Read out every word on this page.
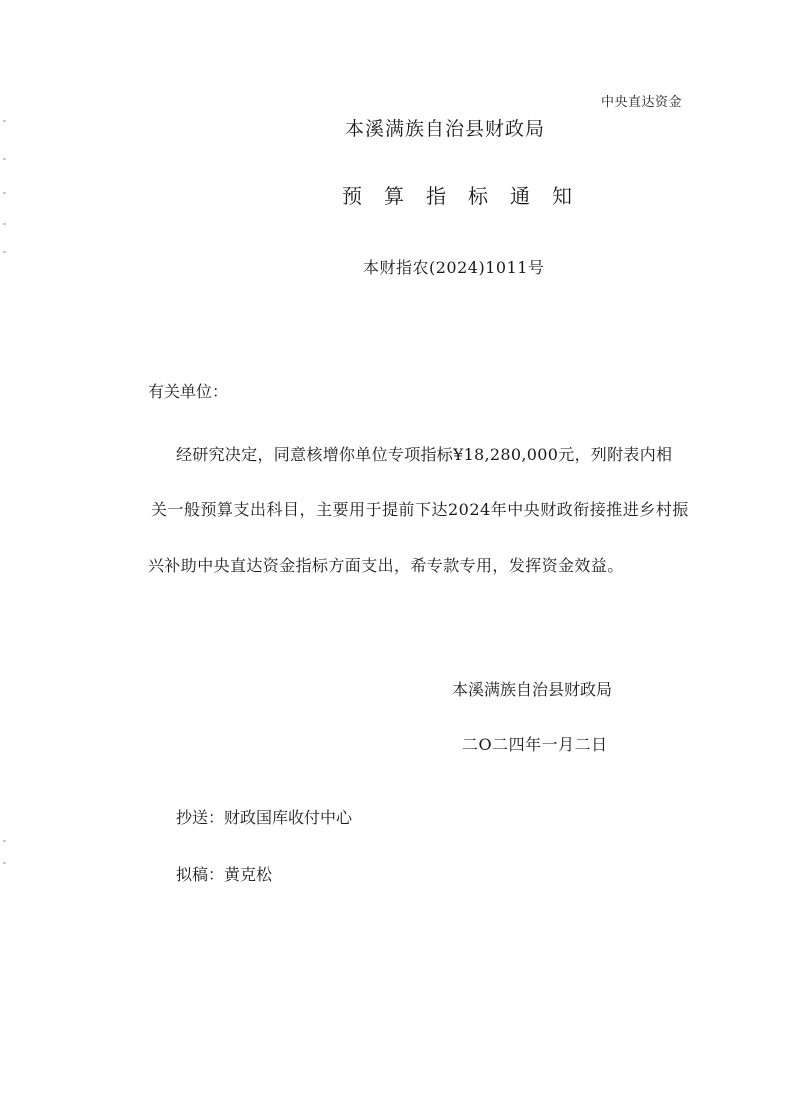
中央直达资金
本溪满族自治县财政局
预算指标通知
本财指农(2024)1011号
有关单位：
经研究决定，同意核增你单位专项指标¥18,280,000元，列附表内相
关一般预算支出科目，主要用于提前下达2024年中央财政衔接推进乡村振
兴补助中央直达资金指标方面支出，希专款专用，发挥资金效益。
本溪满族自治县财政局
二O二四年一月二日
抄送：财政国库收付中心
拟稿：黄克松
